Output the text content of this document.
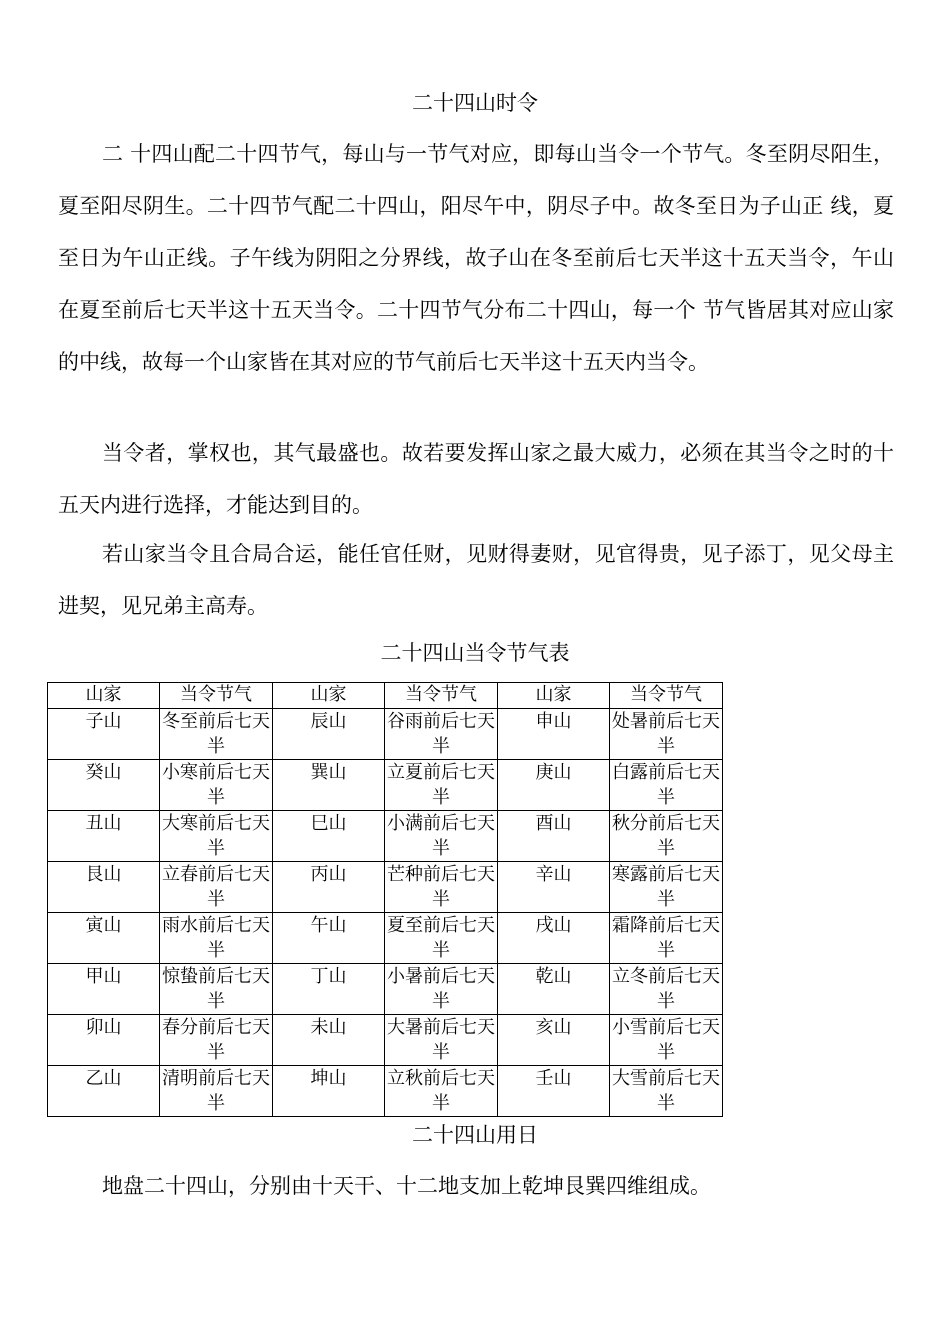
二十四山时令

二 十四山配二十四节气，每山与一节气对应，即每山当令一个节气。冬至阴尽阳生，夏至阳尽阴生。二十四节气配二十四山，阳尽午中，阴尽子中。故冬至日为子山正 线，夏至日为午山正线。子午线为阴阳之分界线，故子山在冬至前后七天半这十五天当令，午山在夏至前后七天半这十五天当令。二十四节气分布二十四山，每一个 节气皆居其对应山家的中线，故每一个山家皆在其对应的节气前后七天半这十五天内当令。

当令者，掌权也，其气最盛也。故若要发挥山家之最大威力，必须在其当令之时的十五天内进行选择，才能达到目的。

若山家当令且合局合运，能任官任财，见财得妻财，见官得贵，见子添丁，见父母主进契，见兄弟主高寿。

二十四山当令节气表
山家	当令节气	山家	当令节气	山家	当令节气
子山	冬至前后七天半	辰山	谷雨前后七天半	申山	处暑前后七天半
癸山	小寒前后七天半	巽山	立夏前后七天半	庚山	白露前后七天半
丑山	大寒前后七天半	巳山	小满前后七天半	酉山	秋分前后七天半
艮山	立春前后七天半	丙山	芒种前后七天半	辛山	寒露前后七天半
寅山	雨水前后七天半	午山	夏至前后七天半	戌山	霜降前后七天半
甲山	惊蛰前后七天半	丁山	小暑前后七天半	乾山	立冬前后七天半
卯山	春分前后七天半	未山	大暑前后七天半	亥山	小雪前后七天半
乙山	清明前后七天半	坤山	立秋前后七天半	壬山	大雪前后七天半
二十四山用日

地盘二十四山，分别由十天干、十二地支加上乾坤艮巽四维组成。
